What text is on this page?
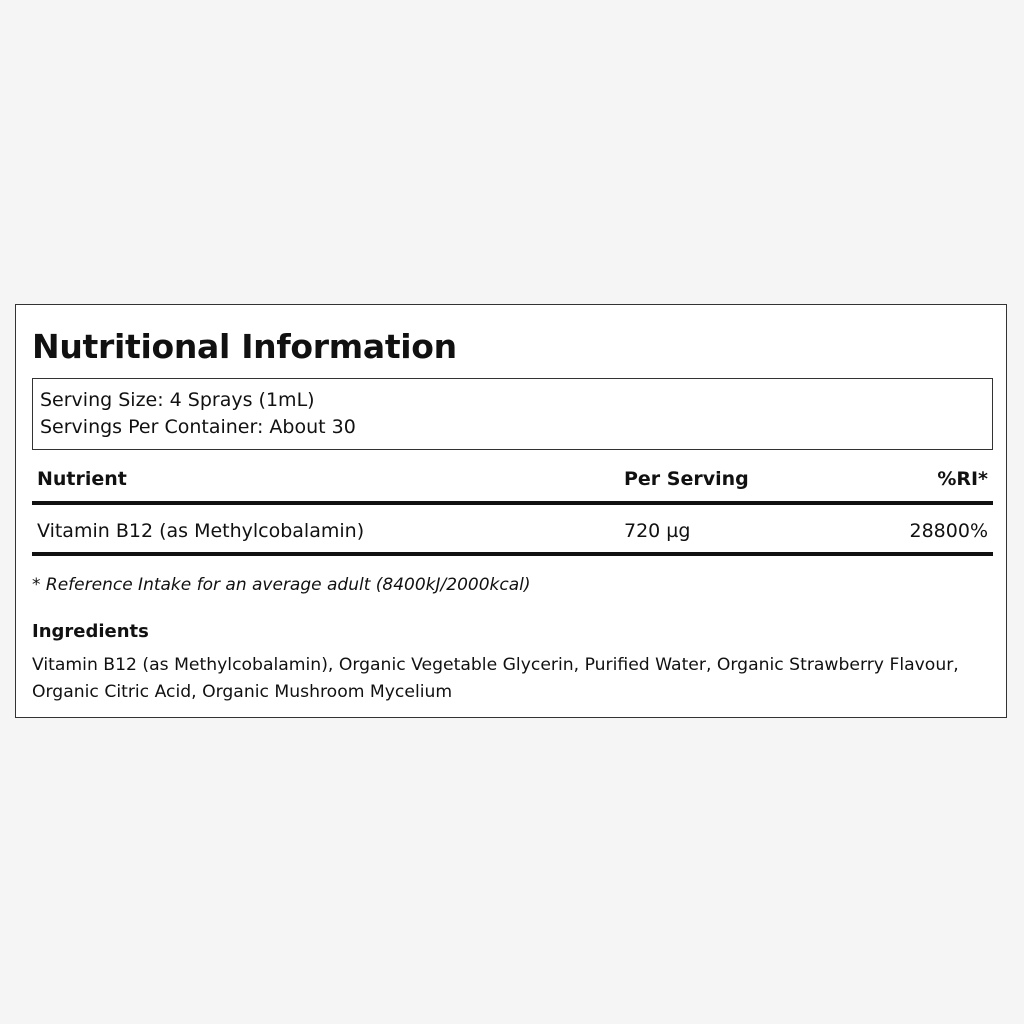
Nutritional Information
Serving Size: 4 Sprays (1mL)
Servings Per Container: About 30
Nutrient	Per Serving	%RI*
Vitamin B12 (as Methylcobalamin)	720 µg	28800%
* Reference Intake for an average adult (8400kJ/2000kcal)
Ingredients
Vitamin B12 (as Methylcobalamin), Organic Vegetable Glycerin, Purified Water, Organic Strawberry Flavour,
Organic Citric Acid, Organic Mushroom Mycelium
